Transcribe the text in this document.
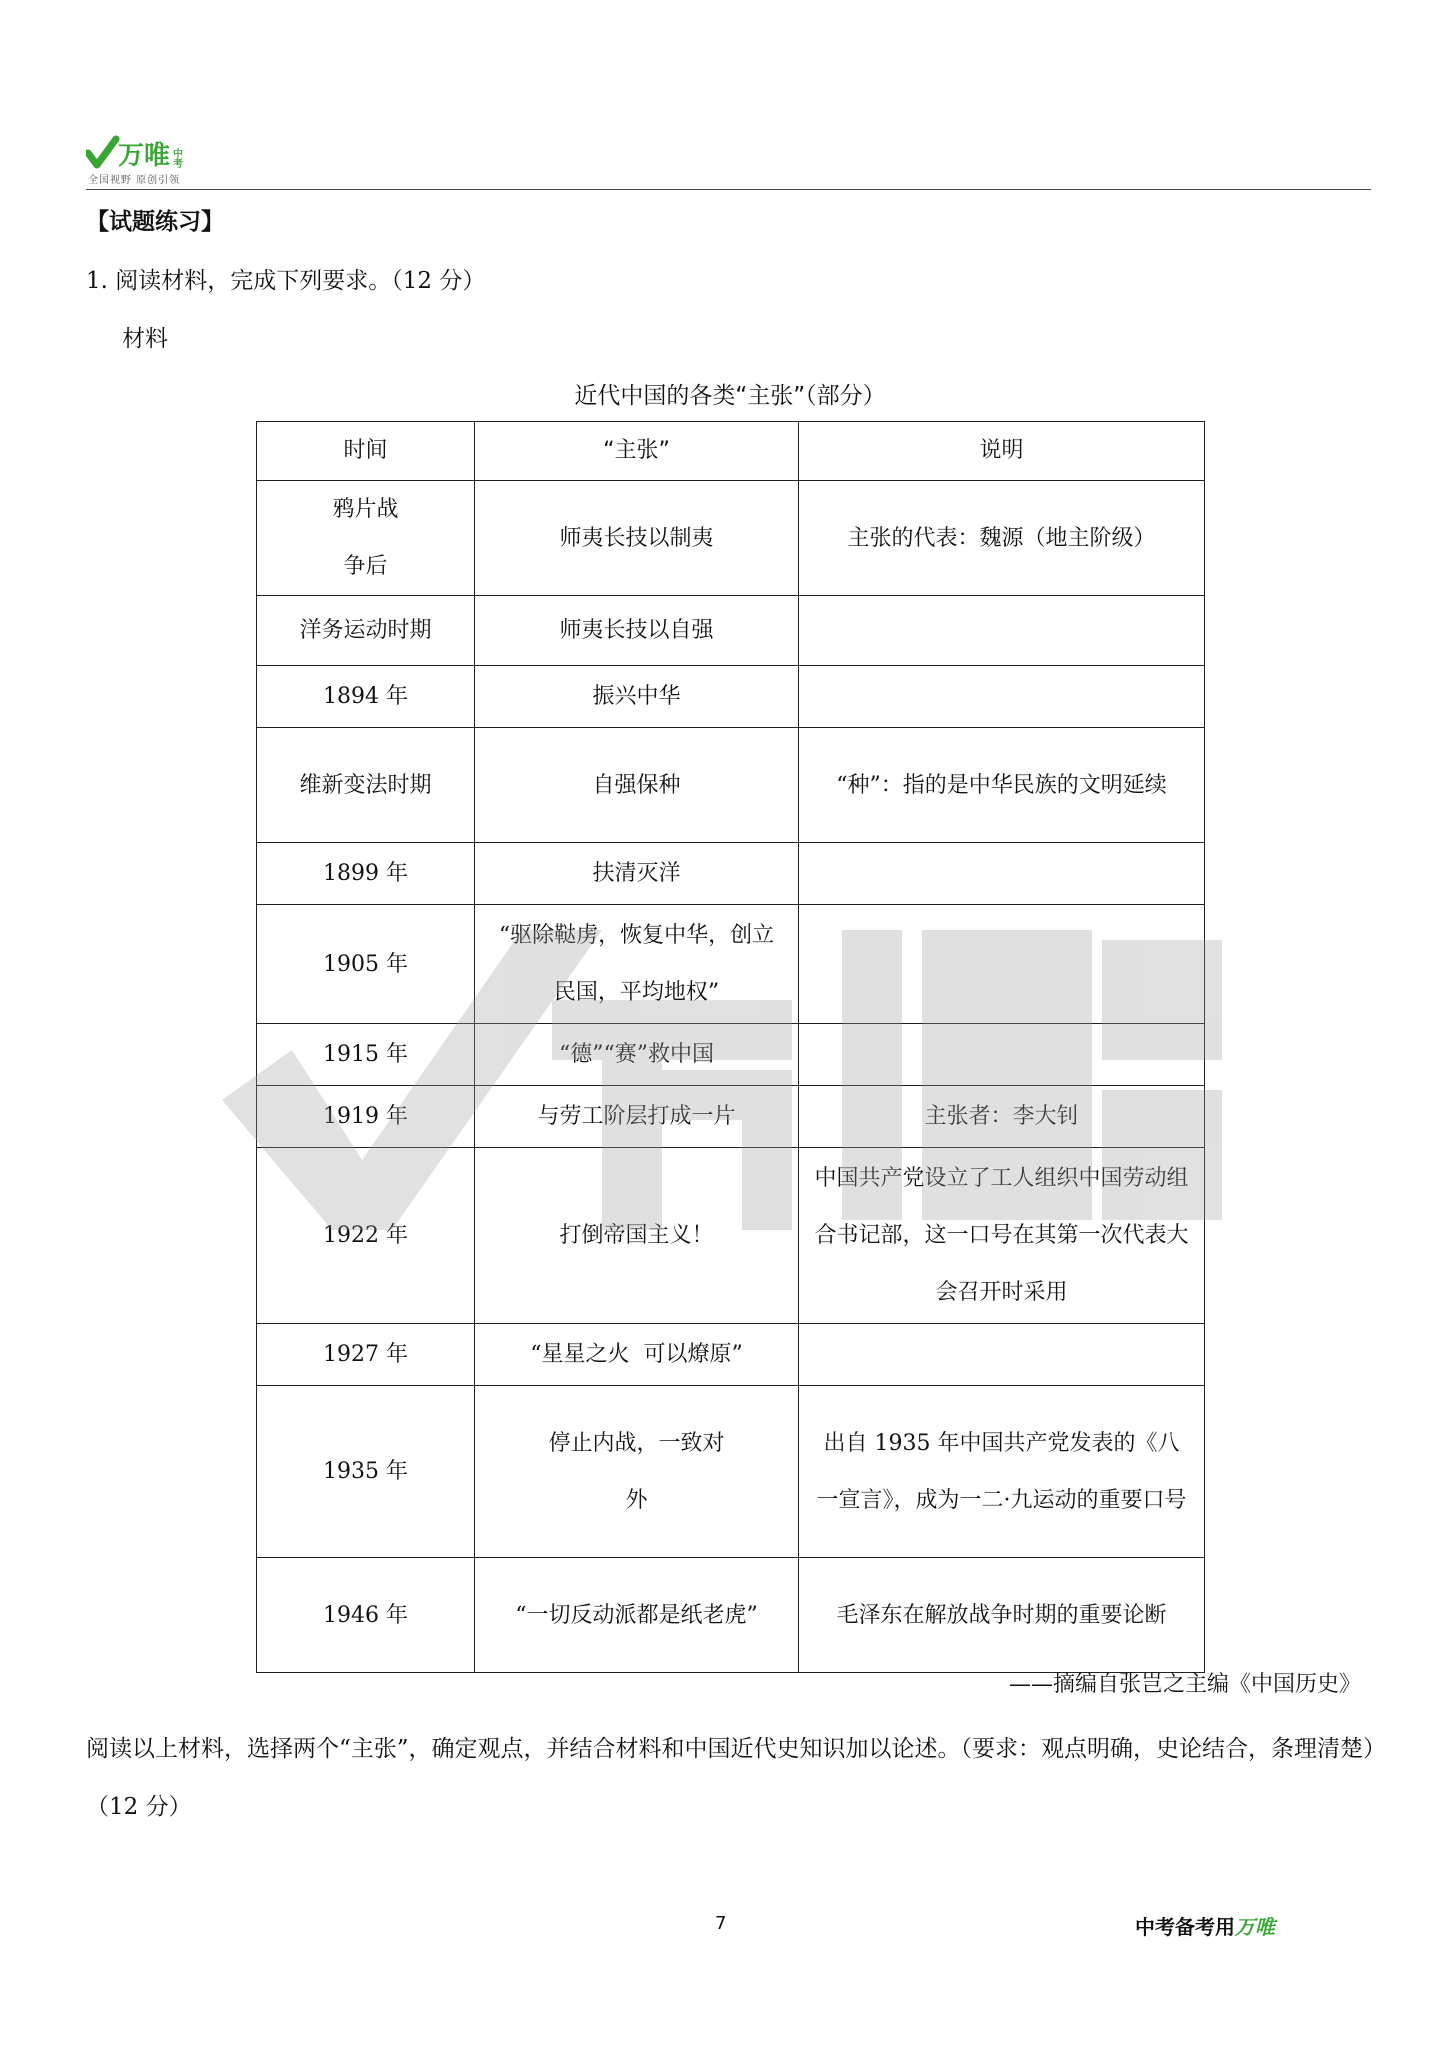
万唯 中考
全国视野 原创引领
【试题练习】
1. 阅读材料，完成下列要求。（12 分）
材料
近代中国的各类“主张”（部分）
时间	“主张”	说明
鸦片战争后	师夷长技以制夷	主张的代表：魏源（地主阶级）
洋务运动时期	师夷长技以自强	
1894 年	振兴中华	
维新变法时期	自强保种	“种”：指的是中华民族的文明延续
1899 年	扶清灭洋	
1905 年	“驱除鞑虏，恢复中华，创立民国，平均地权”	
1915 年	“德”“赛”救中国	
1919 年	与劳工阶层打成一片	主张者：李大钊
1922 年	打倒帝国主义！	中国共产党设立了工人组织中国劳动组合书记部，这一口号在其第一次代表大会召开时采用
1927 年	“星星之火  可以燎原”	
1935 年	停止内战，一致对外	出自 1935 年中国共产党发表的《八一宣言》，成为一二·九运动的重要口号
1946 年	“一切反动派都是纸老虎”	毛泽东在解放战争时期的重要论断
——摘编自张岂之主编《中国历史》
阅读以上材料，选择两个“主张”，确定观点，并结合材料和中国近代史知识加以论述。（要求：观点明确，史论结合，条理清楚）（12 分）
7	中考备考用万唯
